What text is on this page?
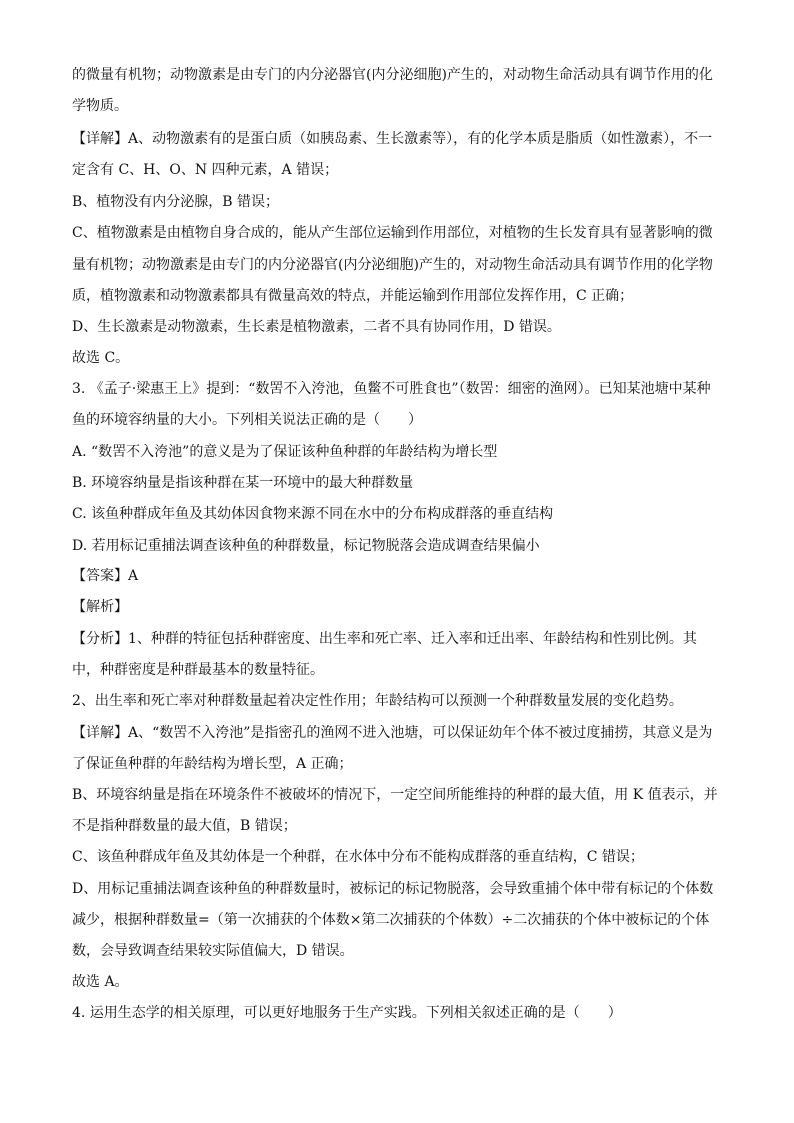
的微量有机物；动物激素是由专门的内分泌器官(内分泌细胞)产生的，对动物生命活动具有调节作用的化
学物质。
【详解】A、动物激素有的是蛋白质（如胰岛素、生长激素等），有的化学本质是脂质（如性激素），不一
定含有 C、H、O、N 四种元素，A 错误；
B、植物没有内分泌腺，B 错误；
C、植物激素是由植物自身合成的，能从产生部位运输到作用部位，对植物的生长发育具有显著影响的微
量有机物；动物激素是由专门的内分泌器官(内分泌细胞)产生的，对动物生命活动具有调节作用的化学物
质，植物激素和动物激素都具有微量高效的特点，并能运输到作用部位发挥作用，C 正确；
D、生长激素是动物激素，生长素是植物激素，二者不具有协同作用，D 错误。
故选 C。
3. 《孟子·梁惠王上》提到：“数罟不入洿池，鱼鳖不可胜食也”（数罟：细密的渔网）。已知某池塘中某种
鱼的环境容纳量的大小。下列相关说法正确的是（　　）
A. “数罟不入洿池”的意义是为了保证该种鱼种群的年龄结构为增长型
B. 环境容纳量是指该种群在某一环境中的最大种群数量
C. 该鱼种群成年鱼及其幼体因食物来源不同在水中的分布构成群落的垂直结构
D. 若用标记重捕法调查该种鱼的种群数量，标记物脱落会造成调查结果偏小
【答案】A
【解析】
【分析】1、种群的特征包括种群密度、出生率和死亡率、迁入率和迁出率、年龄结构和性别比例。其
中，种群密度是种群最基本的数量特征。
2、出生率和死亡率对种群数量起着决定性作用；年龄结构可以预测一个种群数量发展的变化趋势。
【详解】A、“数罟不入洿池”是指密孔的渔网不进入池塘，可以保证幼年个体不被过度捕捞，其意义是为
了保证鱼种群的年龄结构为增长型，A 正确；
B、环境容纳量是指在环境条件不被破坏的情况下，一定空间所能维持的种群的最大值，用 K 值表示，并
不是指种群数量的最大值，B 错误；
C、该鱼种群成年鱼及其幼体是一个种群，在水体中分布不能构成群落的垂直结构，C 错误；
D、用标记重捕法调查该种鱼的种群数量时，被标记的标记物脱落，会导致重捕个体中带有标记的个体数
减少，根据种群数量=（第一次捕获的个体数×第二次捕获的个体数）÷二次捕获的个体中被标记的个体
数，会导致调查结果较实际值偏大，D 错误。
故选 A。
4. 运用生态学的相关原理，可以更好地服务于生产实践。下列相关叙述正确的是（　　）
